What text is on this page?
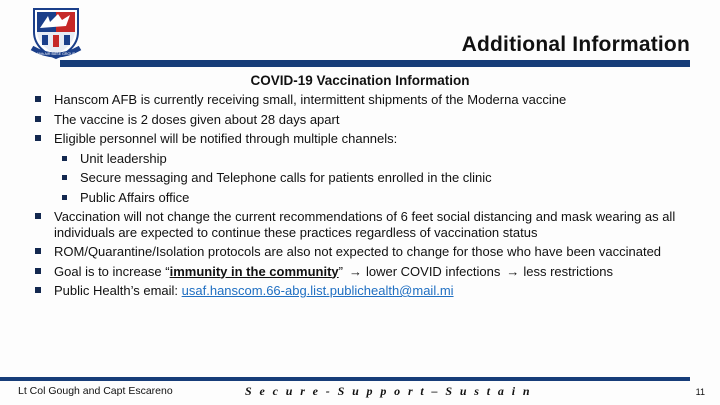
66th AIR BASE GROUP	Additional Information
COVID-19 Vaccination Information
Hanscom AFB is currently receiving small, intermittent shipments of the Moderna vaccine
The vaccine is 2 doses given about 28 days apart
Eligible personnel will be notified through multiple channels:
Unit leadership
Secure messaging and Telephone calls for patients enrolled in the clinic
Public Affairs office
Vaccination will not change the current recommendations of 6 feet social distancing and mask wearing as all individuals are expected to continue these practices regardless of vaccination status
ROM/Quarantine/Isolation protocols are also not expected to change for those who have been vaccinated
Goal is to increase “immunity in the community” → lower COVID infections → less restrictions
Public Health’s email: usaf.hanscom.66-abg.list.publichealth@mail.mi
Lt Col Gough and Capt Escareno	S e c u r e - S u p p o r t – S u s t a i n	11
